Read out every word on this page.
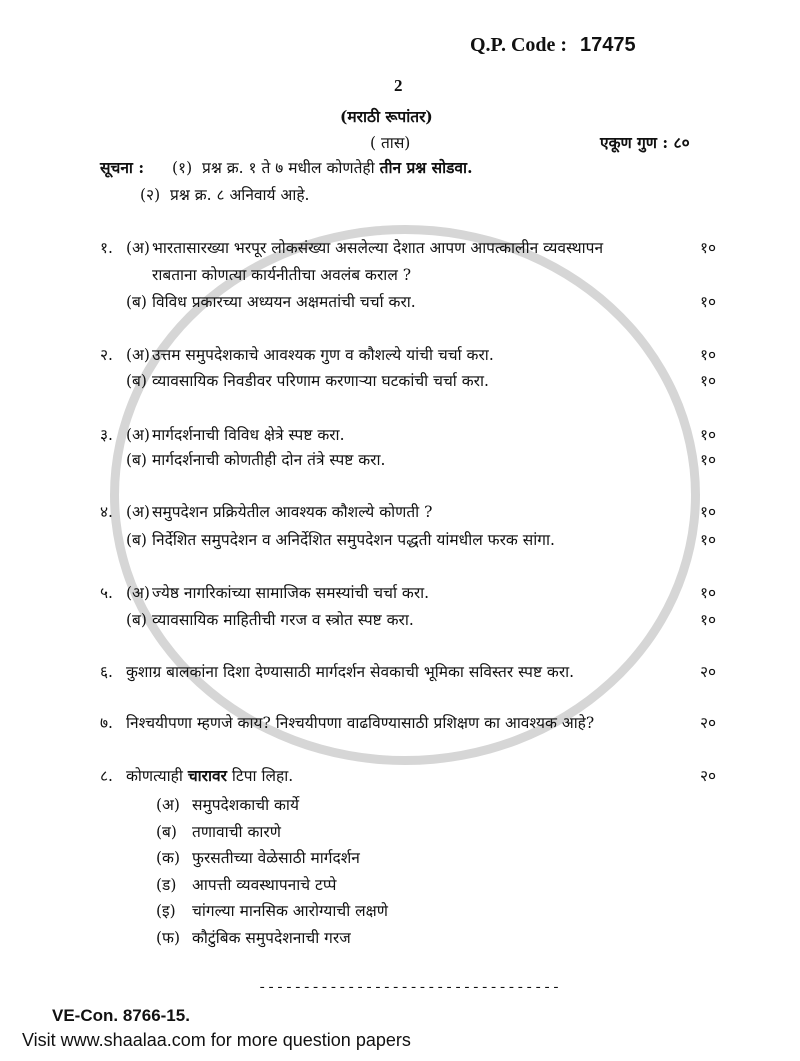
Q.P. Code : 17475
2
(मराठी रूपांतर)
( तास)	एकूण गुण : ८०
सूचना : (१) प्रश्न क्र. १ ते ७ मधील कोणतेही तीन प्रश्न सोडवा.
(२) प्रश्न क्र. ८ अनिवार्य आहे.
१. (अ) भारतासारख्या भरपूर लोकसंख्या असलेल्या देशात आपण आपत्कालीन व्यवस्थापन
राबताना कोणत्या कार्यनीतीचा अवलंब कराल ?
१०
(ब) विविध प्रकारच्या अध्ययन अक्षमतांची चर्चा करा.	१०
२. (अ) उत्तम समुपदेशकाचे आवश्यक गुण व कौशल्ये यांची चर्चा करा.	१०
(ब) व्यावसायिक निवडीवर परिणाम करणाऱ्या घटकांची चर्चा करा.	१०
३. (अ) मार्गदर्शनाची विविध क्षेत्रे स्पष्ट करा.	१०
(ब) मार्गदर्शनाची कोणतीही दोन तंत्रे स्पष्ट करा.	१०
४. (अ) समुपदेशन प्रक्रियेतील आवश्यक कौशल्ये कोणती ?	१०
(ब) निर्देशित समुपदेशन व अनिर्देशित समुपदेशन पद्धती यांमधील फरक सांगा.	१०
५. (अ) ज्येष्ठ नागरिकांच्या सामाजिक समस्यांची चर्चा करा.	१०
(ब) व्यावसायिक माहितीची गरज व स्त्रोत स्पष्ट करा.	१०
६. कुशाग्र बालकांना दिशा देण्यासाठी मार्गदर्शन सेवकाची भूमिका सविस्तर स्पष्ट करा.	२०
७. निश्चयीपणा म्हणजे काय? निश्चयीपणा वाढविण्यासाठी प्रशिक्षण का आवश्यक आहे?	२०
८. कोणत्याही चारावर टिपा लिहा.	२०
(अ) समुपदेशकाची कार्ये
(ब) तणावाची कारणे
(क) फुरसतीच्या वेळेसाठी मार्गदर्शन
(ड) आपत्ती व्यवस्थापनाचे टप्पे
(इ) चांगल्या मानसिक आरोग्याची लक्षणे
(फ) कौटुंबिक समुपदेशनाची गरज
----------------------------------
VE-Con. 8766-15.
Visit www.shaalaa.com for more question papers
